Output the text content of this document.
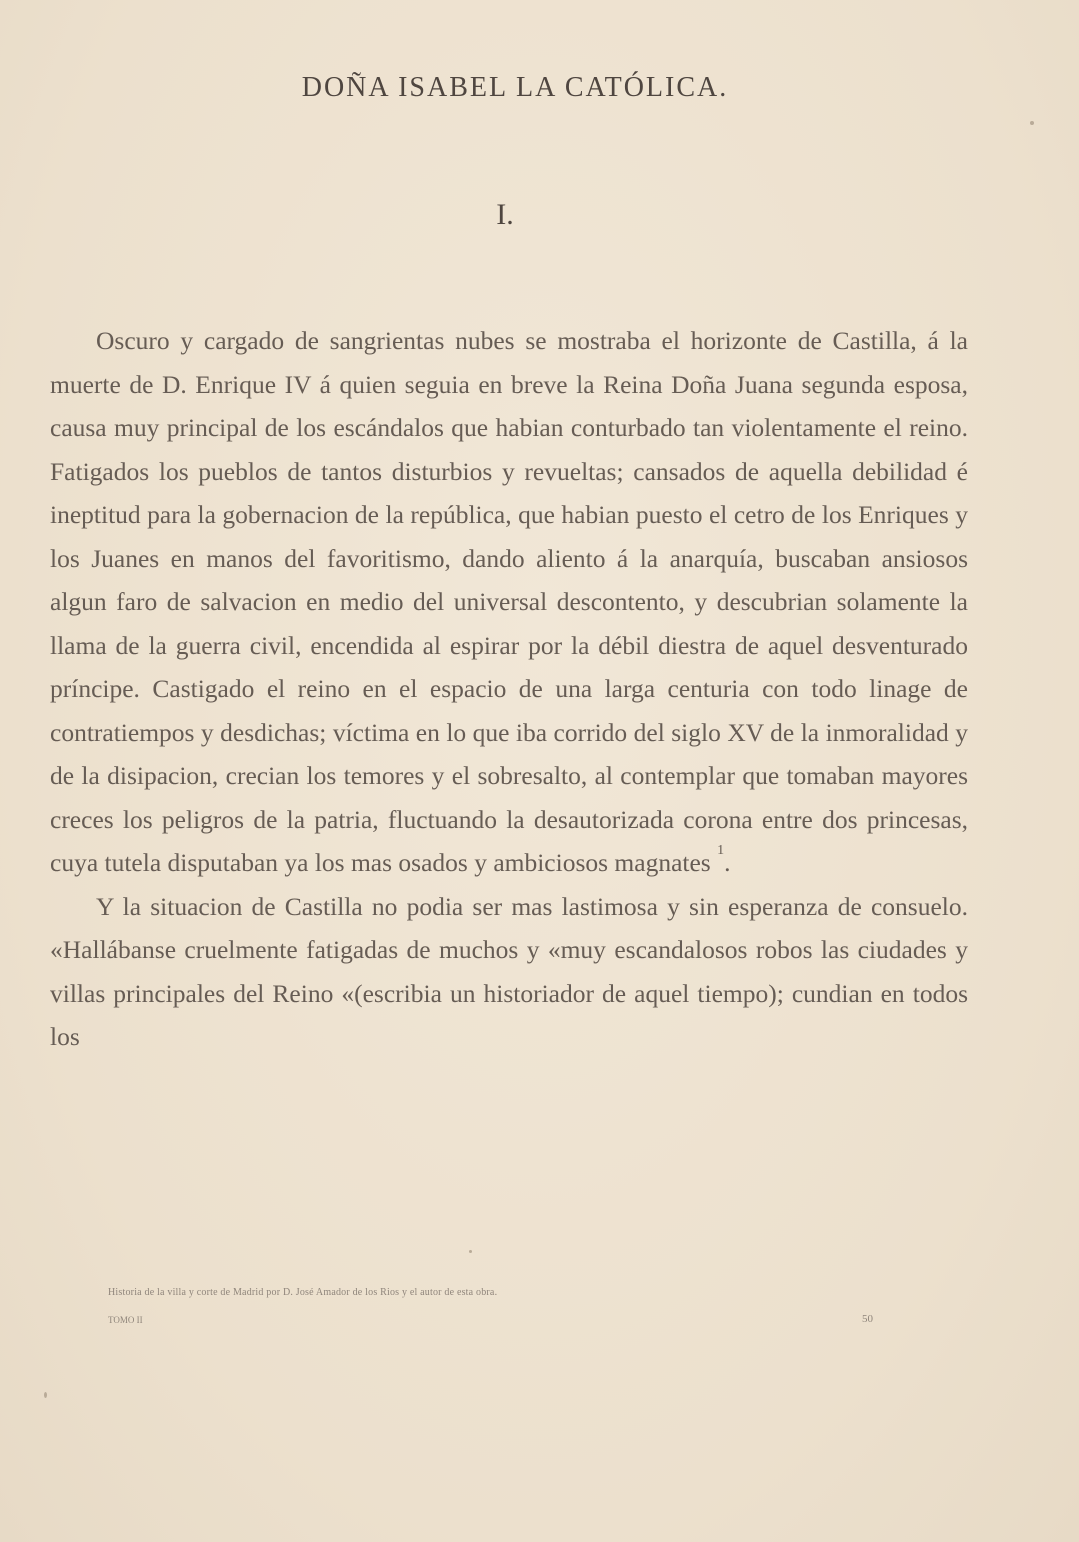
DOÑA ISABEL LA CATÓLICA.
I.

Oscuro y cargado de sangrientas nubes se mostraba el horizonte de Castilla, á la muerte de D. Enrique IV á quien seguia en breve la Reina Doña Juana segunda esposa, causa muy principal de los escándalos que habian conturbado tan violentamente el reino. Fatigados los pueblos de tantos disturbios y revueltas; cansados de aquella debilidad é ineptitud para la gobernacion de la república, que habian puesto el cetro de los Enriques y los Juanes en manos del favoritismo, dando aliento á la anarquía, buscaban ansiosos algun faro de salvacion en medio del universal descontento, y descubrian solamente la llama de la guerra civil, encendida al espirar por la débil diestra de aquel desventurado príncipe. Castigado el reino en el espacio de una larga centuria con todo linage de contratiempos y desdichas; víctima en lo que iba corrido del siglo XV de la inmoralidad y de la disipacion, crecian los temores y el sobresalto, al contemplar que tomaban mayores creces los peligros de la patria, fluctuando la desautorizada corona entre dos princesas, cuya tutela disputaban ya los mas osados y ambiciosos magnates $^1$.

Y la situacion de Castilla no podia ser mas lastimosa y sin esperanza de consuelo. «Hallábanse cruelmente fatigadas de muchos y «muy escandalosos robos las ciudades y villas principales del Reino «(escribia un historiador de aquel tiempo); cundian en todos los

Historia de la villa y corte de Madrid por D. José Amador de los Rios y el autor de esta obra.
TOMO II	50
